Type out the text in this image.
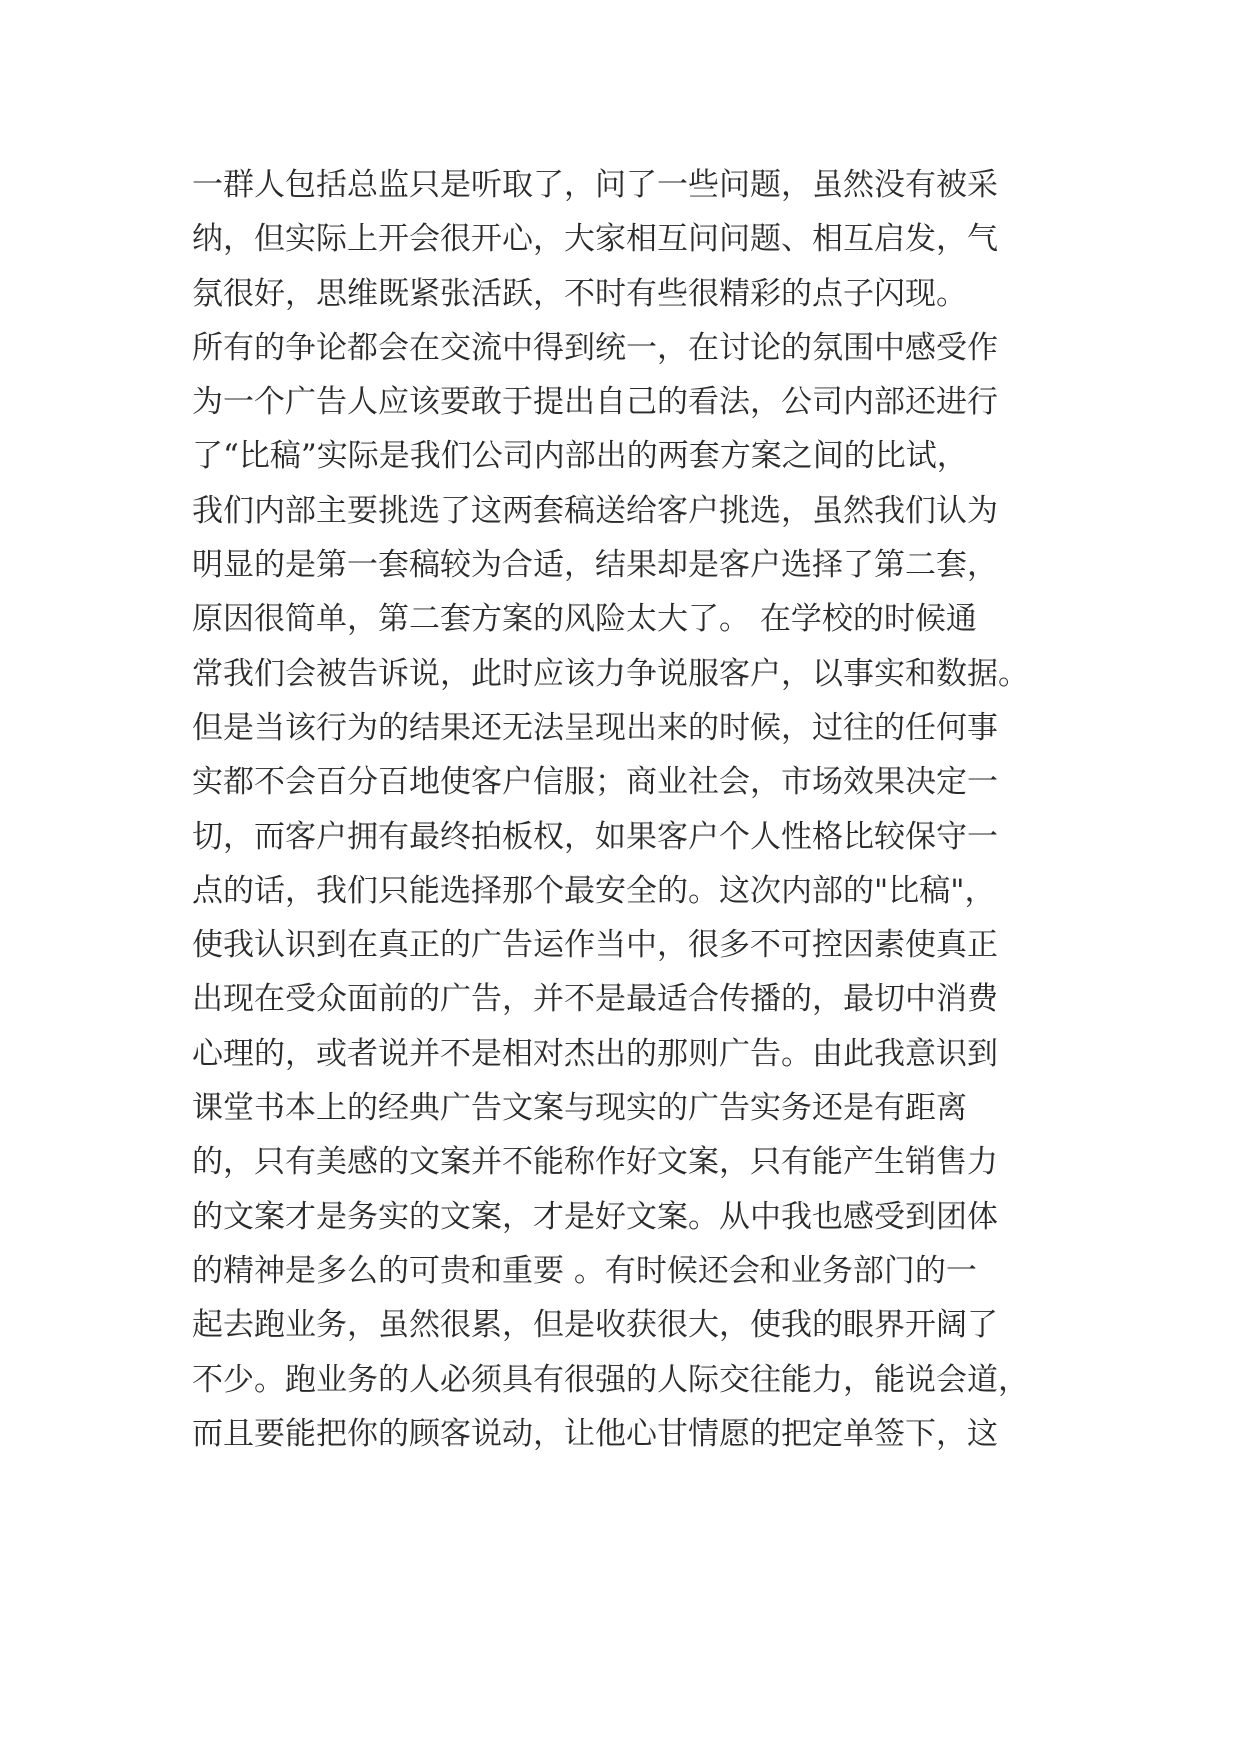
一群人包括总监只是听取了，问了一些问题，虽然没有被采
纳，但实际上开会很开心，大家相互问问题、相互启发，气
氛很好，思维既紧张活跃，不时有些很精彩的点子闪现。
所有的争论都会在交流中得到统一，在讨论的氛围中感受作
为一个广告人应该要敢于提出自己的看法，公司内部还进行
了“比稿”实际是我们公司内部出的两套方案之间的比试，
我们内部主要挑选了这两套稿送给客户挑选，虽然我们认为
明显的是第一套稿较为合适，结果却是客户选择了第二套，
原因很简单，第二套方案的风险太大了。 在学校的时候通
常我们会被告诉说，此时应该力争说服客户，以事实和数据。
但是当该行为的结果还无法呈现出来的时候，过往的任何事
实都不会百分百地使客户信服；商业社会，市场效果决定一
切，而客户拥有最终拍板权，如果客户个人性格比较保守一
点的话，我们只能选择那个最安全的。这次内部的"比稿"，
使我认识到在真正的广告运作当中，很多不可控因素使真正
出现在受众面前的广告，并不是最适合传播的，最切中消费
心理的，或者说并不是相对杰出的那则广告。由此我意识到
课堂书本上的经典广告文案与现实的广告实务还是有距离
的，只有美感的文案并不能称作好文案，只有能产生销售力
的文案才是务实的文案，才是好文案。从中我也感受到团体
的精神是多么的可贵和重要 。有时候还会和业务部门的一
起去跑业务，虽然很累，但是收获很大，使我的眼界开阔了
不少。跑业务的人必须具有很强的人际交往能力，能说会道，
而且要能把你的顾客说动，让他心甘情愿的把定单签下，这
